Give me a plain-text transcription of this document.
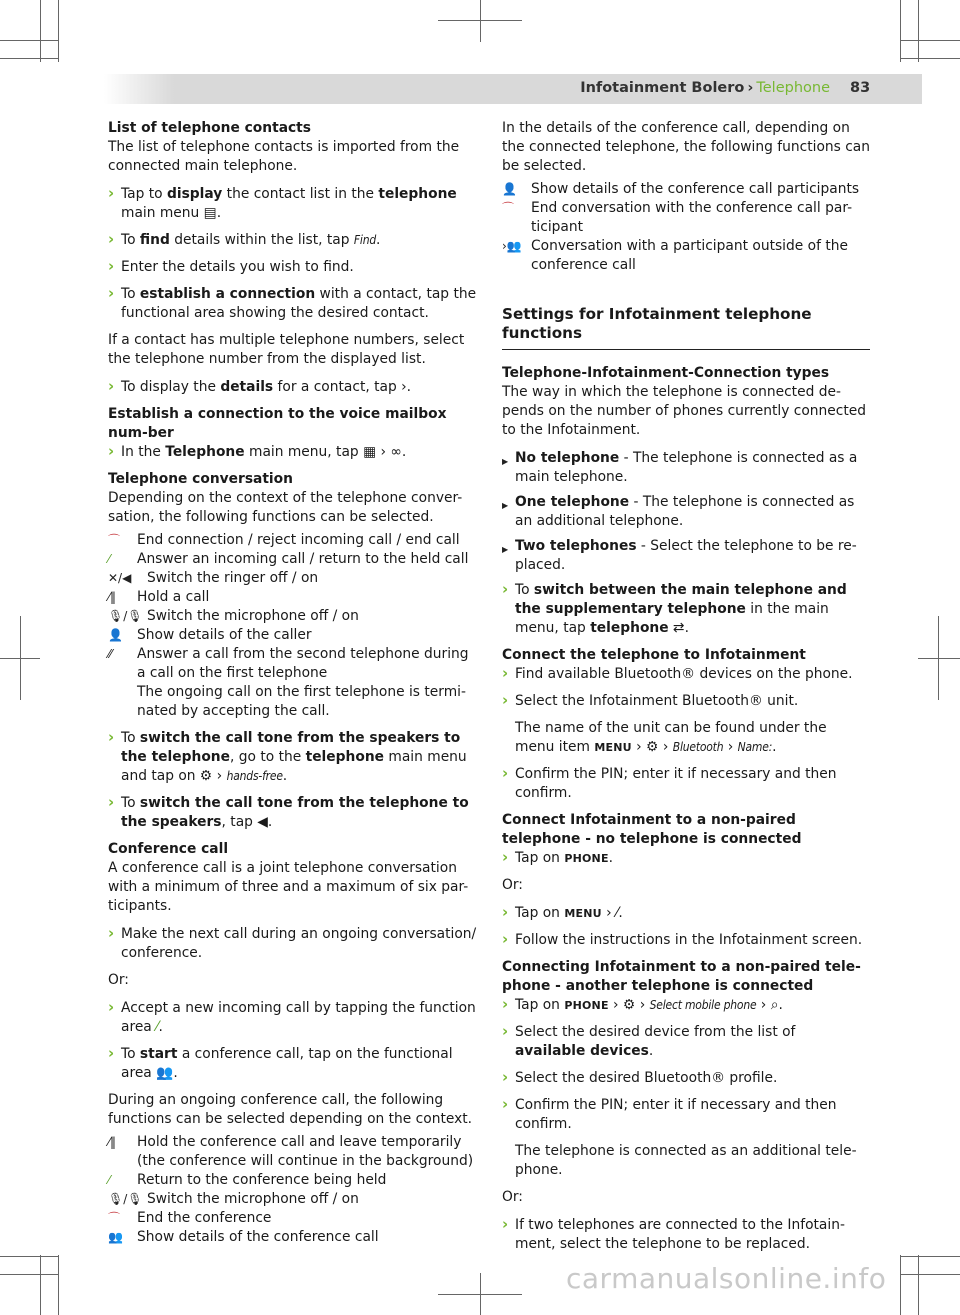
Infotainment Bolero › Telephone 83

List of telephone contacts

The list of telephone contacts is imported from the connected main telephone.

› Tap to display the contact list in the telephone main menu ▤.
› To find details within the list, tap Find.
› Enter the details you wish to find.
› To establish a connection with a contact, tap the functional area showing the desired contact.

If a contact has multiple telephone numbers, select the telephone number from the displayed list.

› To display the details for a contact, tap ›.

Establish a connection to the voice mailbox num-ber

› In the Telephone main menu, tap ▦ › ∞.

Telephone conversation

Depending on the context of the telephone conver-sation, the following functions can be selected.

⌒	End connection / reject incoming call / end call
⁄	Answer an incoming call / return to the held call
✕/◀	Switch the ringer off / on
⁄‖	Hold a call
🎙/🎙 Switch the microphone off / on
👤	Show details of the caller
⁄⁄	Answer a call from the second telephone during a call on the first telephone
The ongoing call on the first telephone is termi-nated by accepting the call.
› To switch the call tone from the speakers to the telephone, go to the telephone main menu and tap on ⚙ › hands-free.
› To switch the call tone from the telephone to the speakers, tap ◀.

Conference call

A conference call is a joint telephone conversation with a minimum of three and a maximum of six par-ticipants.

› Make the next call during an ongoing conversation/ conference.

Or:

› Accept a new incoming call by tapping the function area ⁄.
› To start a conference call, tap on the functional area 👥.

During an ongoing conference call, the following functions can be selected depending on the context.

⁄‖	Hold the conference call and leave temporarily (the conference will continue in the background)
⁄	Return to the conference being held
🎙/🎙 Switch the microphone off / on
⌒	End the conference
👥	Show details of the conference call

In the details of the conference call, depending on the connected telephone, the following functions can be selected.

👤	Show details of the conference call participants
⌒	End conversation with the conference call par-ticipant
›👥 Conversation with a participant outside of the conference call
Settings for Infotainment telephone functions

Telephone-Infotainment-Connection types

The way in which the telephone is connected de-pends on the number of phones currently connected to the Infotainment.

▶ No telephone - The telephone is connected as a main telephone.
▶ One telephone - The telephone is connected as an additional telephone.
▶ Two telephones - Select the telephone to be re-placed.
› To switch between the main telephone and the supplementary telephone in the main menu, tap telephone ⇄.

Connect the telephone to Infotainment

› Find available Bluetooth® devices on the phone.
› Select the Infotainment Bluetooth® unit.
The name of the unit can be found under the menu item MENU › ⚙ › Bluetooth › Name:.
› Confirm the PIN; enter it if necessary and then confirm.

Connect Infotainment to a non-paired telephone - no telephone is connected

› Tap on PHONE.

Or:

› Tap on MENU › ⁄.
› Follow the instructions in the Infotainment screen.

Connecting Infotainment to a non-paired tele-phone - another telephone is connected

› Tap on PHONE › ⚙ › Select mobile phone › ⌕.
› Select the desired device from the list of available devices.
› Select the desired Bluetooth® profile.
› Confirm the PIN; enter it if necessary and then confirm.
The telephone is connected as an additional tele-phone.

Or:

› If two telephones are connected to the Infotain-ment, select the telephone to be replaced.
carmanualsonline.info
